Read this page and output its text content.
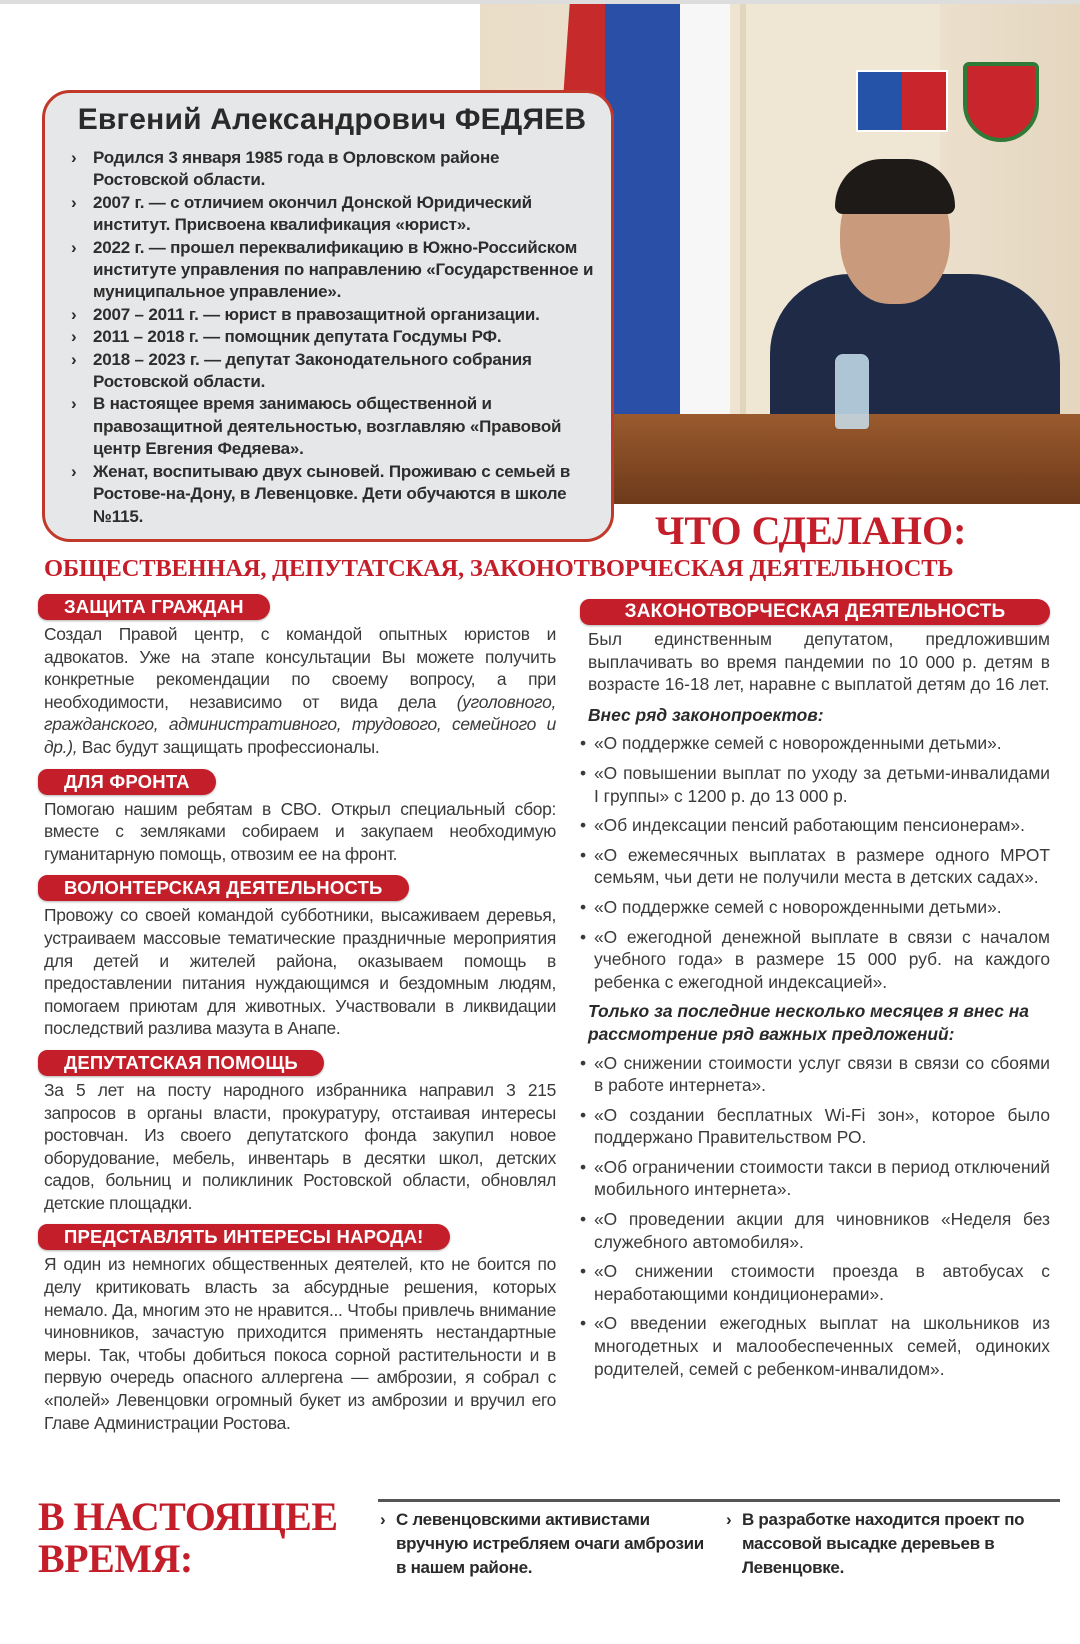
Евгений Александрович ФЕДЯЕВ
› Родился 3 января 1985 года в Орловском районе Ростовской области.
› 2007 г. — с отличием окончил Донской Юридический институт. Присвоена квалификация «юрист».
› 2022 г. — прошел переквалификацию в Южно-Российском институте управления по направлению «Государственное и муниципальное управление».
› 2007 – 2011 г. — юрист в правозащитной организации.
› 2011 – 2018 г. — помощник депутата Госдумы РФ.
› 2018 – 2023 г. — депутат Законодательного собрания Ростовской области.
› В настоящее время занимаюсь общественной и правозащитной деятельностью, возглавляю «Правовой центр Евгения Федяева».
› Женат, воспитываю двух сыновей. Проживаю с семьей в Ростове-на-Дону, в Левенцовке. Дети обучаются в школе №115.	ЧТО СДЕЛАНО:
ОБЩЕСТВЕННАЯ, ДЕПУТАТСКАЯ, ЗАКОНОТВОРЧЕСКАЯ ДЕЯТЕЛЬНОСТЬ
ЗАЩИТА ГРАЖДАН

Создал Правой центр, с командой опытных юристов и адвокатов. Уже на этапе консультации Вы можете получить конкретные рекомендации по своему вопросу, а при необходимости, независимо от вида дела (уголовного, гражданского, административного, трудового, семейного и др.), Вас будут защищать профессионалы.

ДЛЯ ФРОНТА

Помогаю нашим ребятам в СВО. Открыл специальный сбор: вместе с земляками собираем и закупаем необходимую гуманитарную помощь, отвозим ее на фронт.

ВОЛОНТЕРСКАЯ ДЕЯТЕЛЬНОСТЬ

Провожу со своей командой субботники, высаживаем деревья, устраиваем массовые тематические праздничные мероприятия для детей и жителей района, оказываем помощь в предоставлении питания нуждающимся и бездомным людям, помогаем приютам для животных. Участвовали в ликвидации последствий разлива мазута в Анапе.

ДЕПУТАТСКАЯ ПОМОЩЬ

За 5 лет на посту народного избранника направил 3 215 запросов в органы власти, прокуратуру, отстаивая интересы ростовчан. Из своего депутатского фонда закупил новое оборудование, мебель, инвентарь в десятки школ, детских садов, больниц и поликлиник Ростовской области, обновлял детские площадки.

ПРЕДСТАВЛЯТЬ ИНТЕРЕСЫ НАРОДА!

Я один из немногих общественных деятелей, кто не боится по делу критиковать власть за абсурдные решения, которых немало. Да, многим это не нравится... Чтобы привлечь внимание чиновников, зачастую приходится применять нестандартные меры. Так, чтобы добиться покоса сорной растительности и в первую очередь опасного аллергена — амброзии, я собрал с «полей» Левенцовки огромный букет из амброзии и вручил его Главе Администрации Ростова.

ЗАКОНОТВОРЧЕСКАЯ ДЕЯТЕЛЬНОСТЬ

Был единственным депутатом, предложившим выплачивать во время пандемии по 10 000 р. детям в возрасте 16-18 лет, наравне с выплатой детям до 16 лет.

Внес ряд законопроектов:
• «О поддержке семей с новорожденными детьми».
• «О повышении выплат по уходу за детьми-инвалидами I группы» с 1200 р. до 13 000 р.
• «Об индексации пенсий работающим пенсионерам».
• «О ежемесячных выплатах в размере одного МРОТ семьям, чьи дети не получили места в детских садах».
• «О поддержке семей с новорожденными детьми».
• «О ежегодной денежной выплате в связи с началом учебного года» в размере 15 000 руб. на каждого ребенка с ежегодной индексацией».
Только за последние несколько месяцев я внес на рассмотрение ряд важных предложений:
• «О снижении стоимости услуг связи в связи со сбоями в работе интернета».
• «О создании бесплатных Wi-Fi зон», которое было поддержано Правительством РО.
• «Об ограничении стоимости такси в период отключений мобильного интернета».
• «О проведении акции для чиновников «Неделя без служебного автомобиля».
• «О снижении стоимости проезда в автобусах с неработающими кондиционерами».
• «О введении ежегодных выплат на школьников из многодетных и малообеспеченных семей, одиноких родителей, семей с ребенком-инвалидом».
В НАСТОЯЩЕЕ
ВРЕМЯ:
› С левенцовскими активистами вручную истребляем очаги амброзии в нашем районе.
› В разработке находится проект по массовой высадке деревьев в Левенцовке.
